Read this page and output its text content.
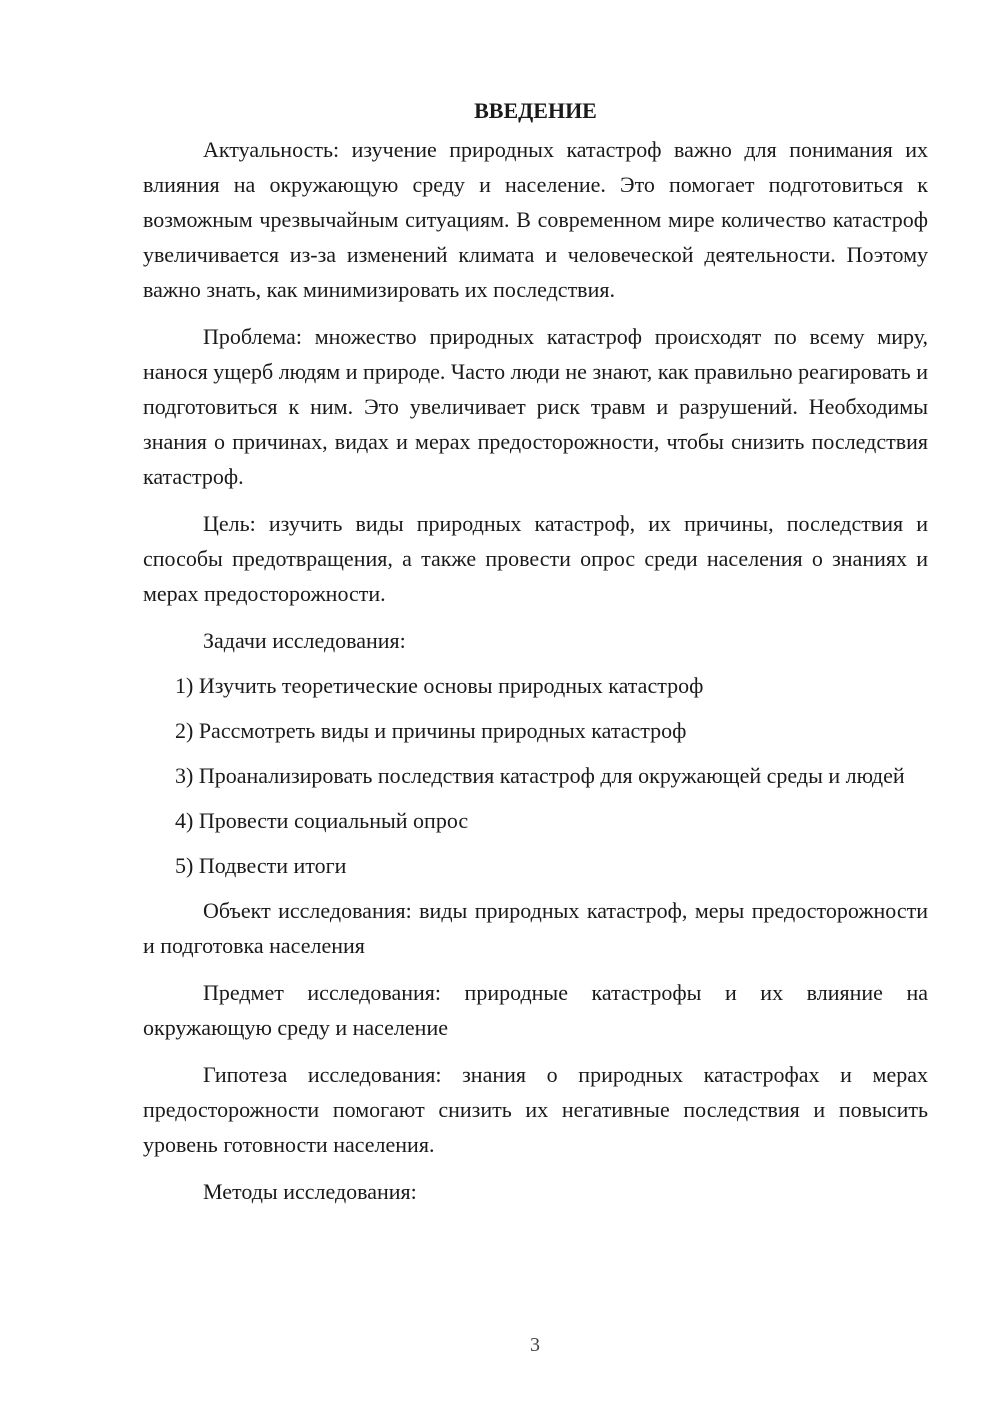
ВВЕДЕНИЕ

Актуальность: изучение природных катастроф важно для понимания их влияния на окружающую среду и население. Это помогает подготовиться к возможным чрезвычайным ситуациям. В современном мире количество катастроф увеличивается из-за изменений климата и человеческой деятельности. Поэтому важно знать, как минимизировать их последствия.

Проблема: множество природных катастроф происходят по всему миру, нанося ущерб людям и природе. Часто люди не знают, как правильно реагировать и подготовиться к ним. Это увеличивает риск травм и разрушений. Необходимы знания о причинах, видах и мерах предосторожности, чтобы снизить последствия катастроф.

Цель: изучить виды природных катастроф, их причины, последствия и способы предотвращения, а также провести опрос среди населения о знаниях и мерах предосторожности.

Задачи исследования:

1) Изучить теоретические основы природных катастроф

2) Рассмотреть виды и причины природных катастроф

3) Проанализировать последствия катастроф для окружающей среды и людей

4) Провести социальный опрос

5) Подвести итоги

Объект исследования: виды природных катастроф, меры предосторожности и подготовка населения

Предмет исследования: природные катастрофы и их влияние на окружающую среду и население

Гипотеза исследования: знания о природных катастрофах и мерах предосторожности помогают снизить их негативные последствия и повысить уровень готовности населения.

Методы исследования:

3
